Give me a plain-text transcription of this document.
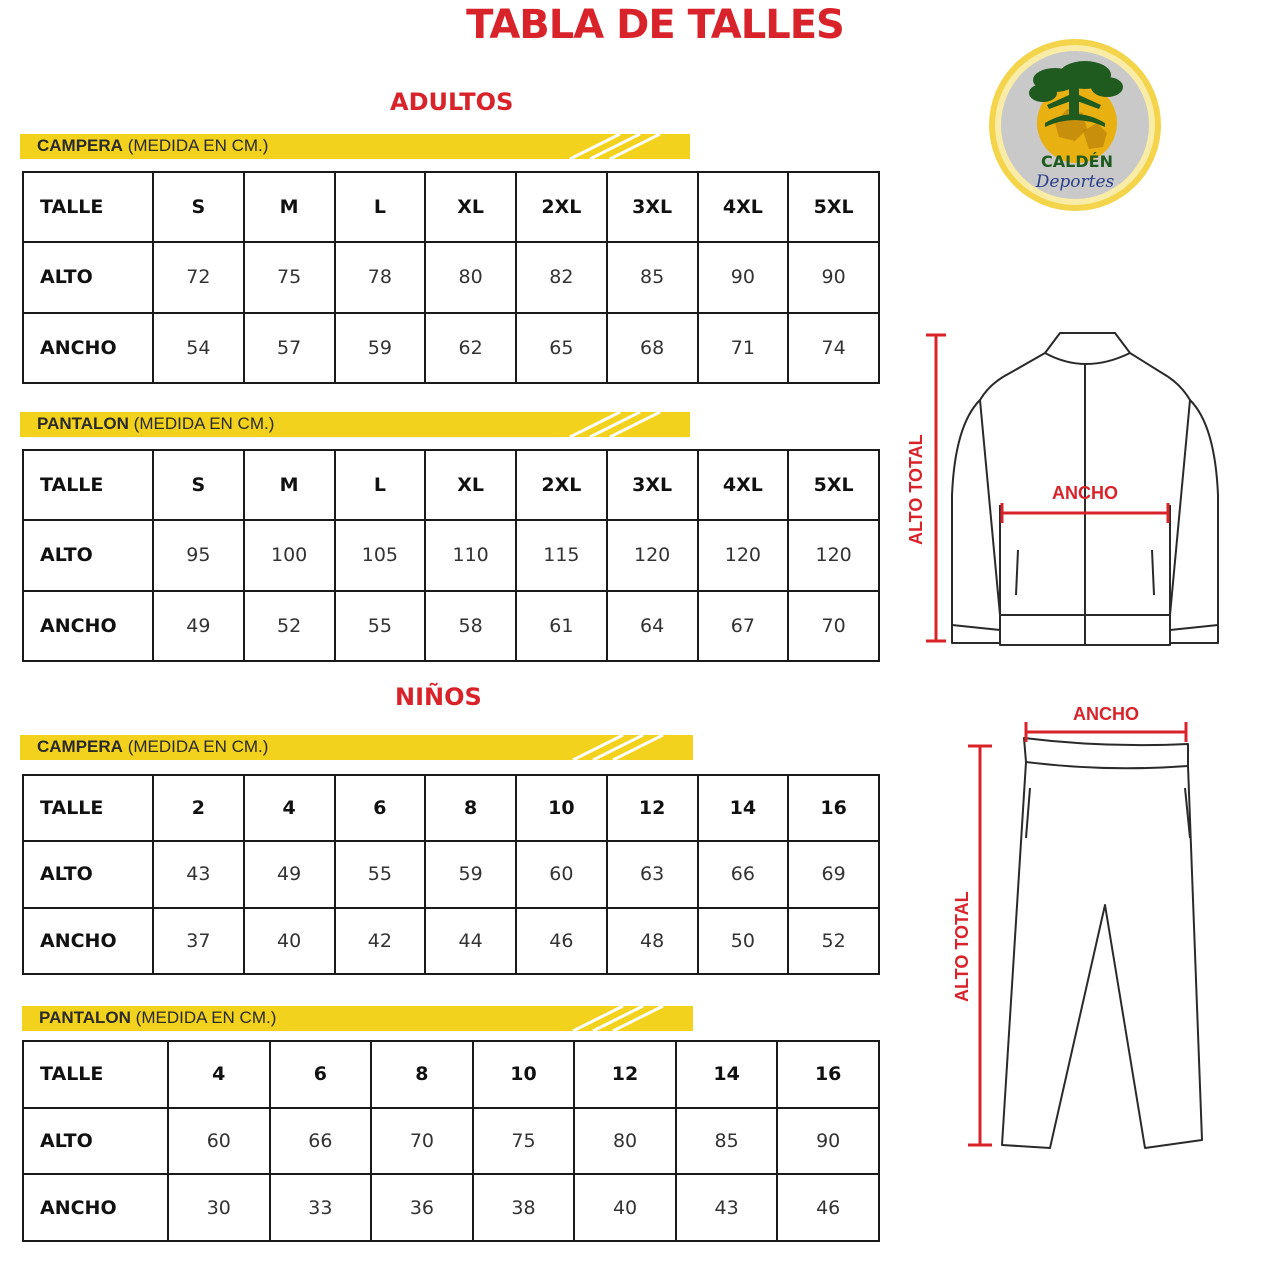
TABLA DE TALLES
ADULTOS
CAMPERA (MEDIDA EN CM.)
TALLE	S	M	L	XL	2XL	3XL	4XL	5XL
ALTO	72	75	78	80	82	85	90	90
ANCHO	54	57	59	62	65	68	71	74
PANTALON (MEDIDA EN CM.)
TALLE	S	M	L	XL	2XL	3XL	4XL	5XL
ALTO	95	100	105	110	115	120	120	120
ANCHO	49	52	55	58	61	64	67	70
NIÑOS
CAMPERA (MEDIDA EN CM.)
TALLE	2	4	6	8	10	12	14	16
ALTO	43	49	55	59	60	63	66	69
ANCHO	37	40	42	44	46	48	50	52
PANTALON (MEDIDA EN CM.)
TALLE	4	6	8	10	12	14	16
ALTO	60	66	70	75	80	85	90
ANCHO	30	33	36	38	40	43	46
CALDÉN
Deportes
ALTO TOTAL	ANCHO
ALTO TOTAL
ANCHO
